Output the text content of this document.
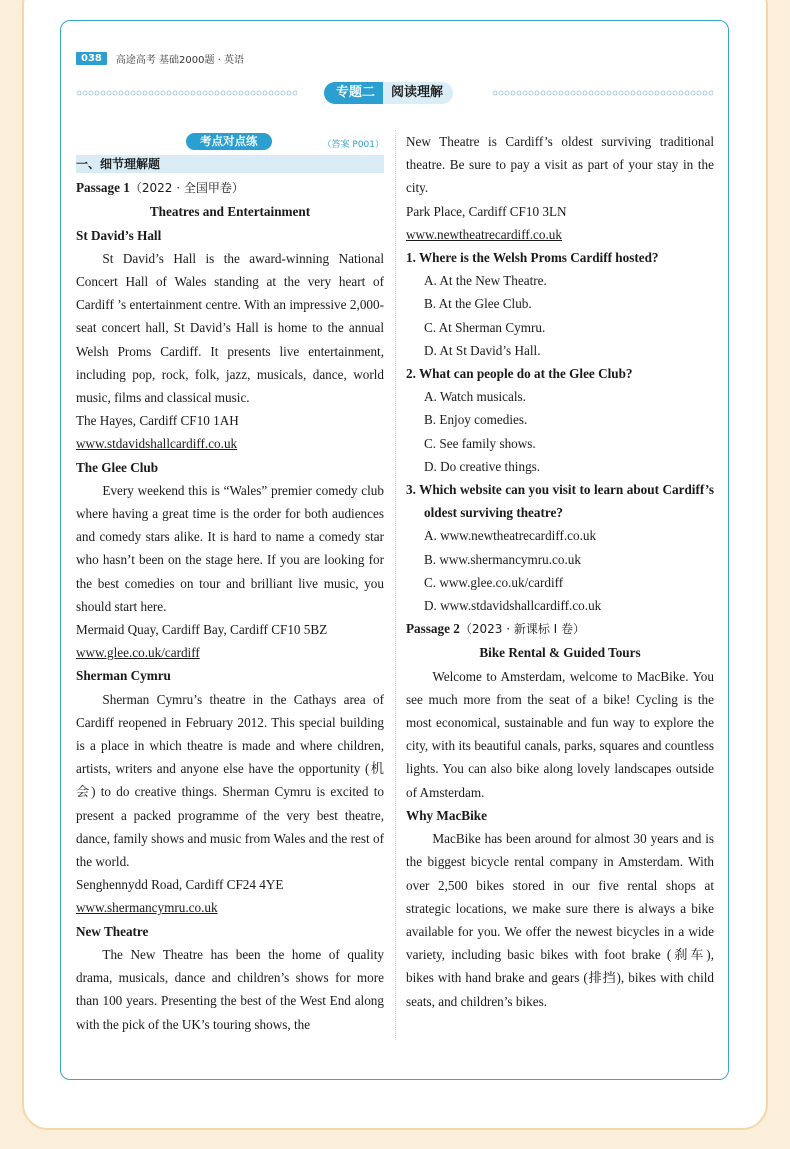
038	高途高考 基础2000题 · 英语
专题二	阅读理解
考点对点练	（答案 P001）
一、细节理解题

Passage 1（2022 · 全国甲卷）

Theatres and Entertainment

St David’s Hall

St David’s Hall is the award-winning National Concert Hall of Wales standing at the very heart of Cardiff ’s entertainment centre. With an impressive 2,000-seat concert hall, St David’s Hall is home to the annual Welsh Proms Cardiff. It presents live entertainment, including pop, rock, folk, jazz, musicals, dance, world music, films and classical music.

The Hayes, Cardiff CF10 1AH

www.stdavidshallcardiff.co.uk

The Glee Club

Every weekend this is “Wales” premier comedy club where having a great time is the order for both audiences and comedy stars alike. It is hard to name a comedy star who hasn’t been on the stage here. If you are looking for the best comedies on tour and brilliant live music, you should start here.

Mermaid Quay, Cardiff Bay, Cardiff CF10 5BZ

www.glee.co.uk/cardiff

Sherman Cymru

Sherman Cymru’s theatre in the Cathays area of Cardiff reopened in February 2012. This special building is a place in which theatre is made and where children, artists, writers and anyone else have the opportunity (机会) to do creative things. Sherman Cymru is excited to present a packed programme of the very best theatre, dance, family shows and music from Wales and the rest of the world.

Senghennydd Road, Cardiff CF24 4YE

www.shermancymru.co.uk

New Theatre

The New Theatre has been the home of quality drama, musicals, dance and children’s shows for more than 100 years. Presenting the best of the West End along with the pick of the UK’s touring shows, the

New Theatre is Cardiff’s oldest surviving traditional theatre. Be sure to pay a visit as part of your stay in the city.

Park Place, Cardiff CF10 3LN

www.newtheatrecardiff.co.uk

1. Where is the Welsh Proms Cardiff hosted?

A. At the New Theatre.

B. At the Glee Club.

C. At Sherman Cymru.

D. At St David’s Hall.

2. What can people do at the Glee Club?

A. Watch musicals.

B. Enjoy comedies.

C. See family shows.

D. Do creative things.

3. Which website can you visit to learn about Cardiff’s oldest surviving theatre?

A. www.newtheatrecardiff.co.uk

B. www.shermancymru.co.uk

C. www.glee.co.uk/cardiff

D. www.stdavidshallcardiff.co.uk

Passage 2（2023 · 新课标 Ⅰ 卷）

Bike Rental & Guided Tours

Welcome to Amsterdam, welcome to MacBike. You see much more from the seat of a bike! Cycling is the most economical, sustainable and fun way to explore the city, with its beautiful canals, parks, squares and countless lights. You can also bike along lovely landscapes outside of Amsterdam.

Why MacBike

MacBike has been around for almost 30 years and is the biggest bicycle rental company in Amsterdam. With over 2,500 bikes stored in our five rental shops at strategic locations, we make sure there is always a bike available for you. We offer the newest bicycles in a wide variety, including basic bikes with foot brake (刹车), bikes with hand brake and gears (排挡), bikes with child seats, and children’s bikes.
